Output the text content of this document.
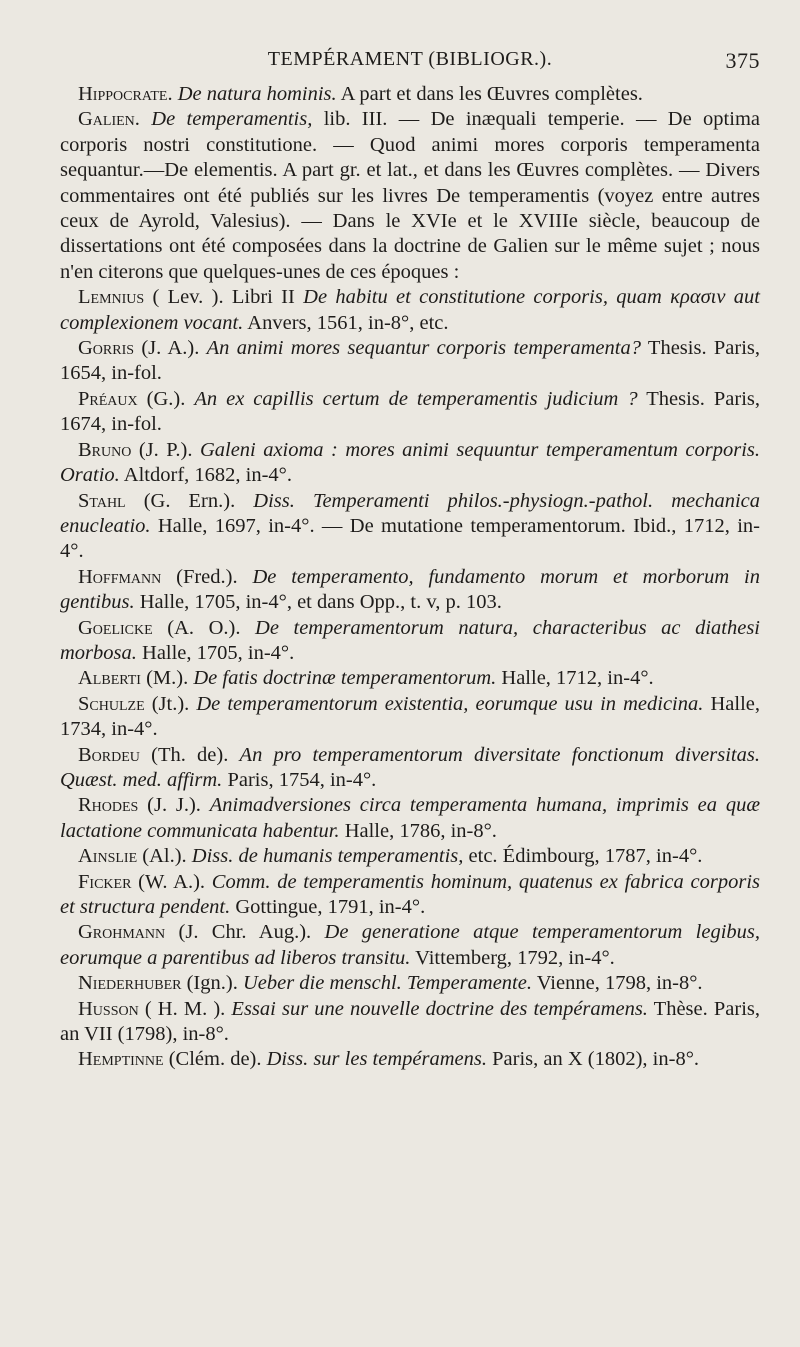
TEMPÉRAMENT (BIBLIOGR.).	375

Hippocrate. De natura hominis. A part et dans les Œuvres complètes.

Galien. De temperamentis, lib. III. — De inæquali temperie. — De optima corporis nostri constitutione. — Quod animi mores corporis temperamenta sequantur.—De elementis. A part gr. et lat., et dans les Œuvres complètes. — Divers commentaires ont été publiés sur les livres De temperamentis (voyez entre autres ceux de Ayrold, Valesius). — Dans le XVIe et le XVIIIe siècle, beaucoup de dissertations ont été composées dans la doctrine de Galien sur le même sujet ; nous n'en citerons que quelques-unes de ces époques :

Lemnius ( Lev. ). Libri II De habitu et constitutione corporis, quam κρασιν aut complexionem vocant. Anvers, 1561, in-8°, etc.

Gorris (J. A.). An animi mores sequantur corporis temperamenta? Thesis. Paris, 1654, in-fol.

Préaux (G.). An ex capillis certum de temperamentis judicium ? Thesis. Paris, 1674, in-fol.

Bruno (J. P.). Galeni axioma : mores animi sequuntur temperamentum corporis. Oratio. Altdorf, 1682, in-4°.

Stahl (G. Ern.). Diss. Temperamenti philos.-physiogn.-pathol. mechanica enucleatio. Halle, 1697, in-4°. — De mutatione temperamentorum. Ibid., 1712, in-4°.

Hoffmann (Fred.). De temperamento, fundamento morum et morborum in gentibus. Halle, 1705, in-4°, et dans Opp., t. v, p. 103.

Goelicke (A. O.). De temperamentorum natura, characteribus ac diathesi morbosa. Halle, 1705, in-4°.

Alberti (M.). De fatis doctrinæ temperamentorum. Halle, 1712, in-4°.

Schulze (Jt.). De temperamentorum existentia, eorumque usu in medicina. Halle, 1734, in-4°.

Bordeu (Th. de). An pro temperamentorum diversitate fonctionum diversitas. Quæst. med. affirm. Paris, 1754, in-4°.

Rhodes (J. J.). Animadversiones circa temperamenta humana, imprimis ea quæ lactatione communicata habentur. Halle, 1786, in-8°.

Ainslie (Al.). Diss. de humanis temperamentis, etc. Édimbourg, 1787, in-4°.

Ficker (W. A.). Comm. de temperamentis hominum, quatenus ex fabrica corporis et structura pendent. Gottingue, 1791, in-4°.

Grohmann (J. Chr. Aug.). De generatione atque temperamentorum legibus, eorumque a parentibus ad liberos transitu. Vittemberg, 1792, in-4°.

Niederhuber (Ign.). Ueber die menschl. Temperamente. Vienne, 1798, in-8°.

Husson ( H. M. ). Essai sur une nouvelle doctrine des tempéramens. Thèse. Paris, an VII (1798), in-8°.

Hemptinne (Clém. de). Diss. sur les tempéramens. Paris, an X (1802), in-8°.
